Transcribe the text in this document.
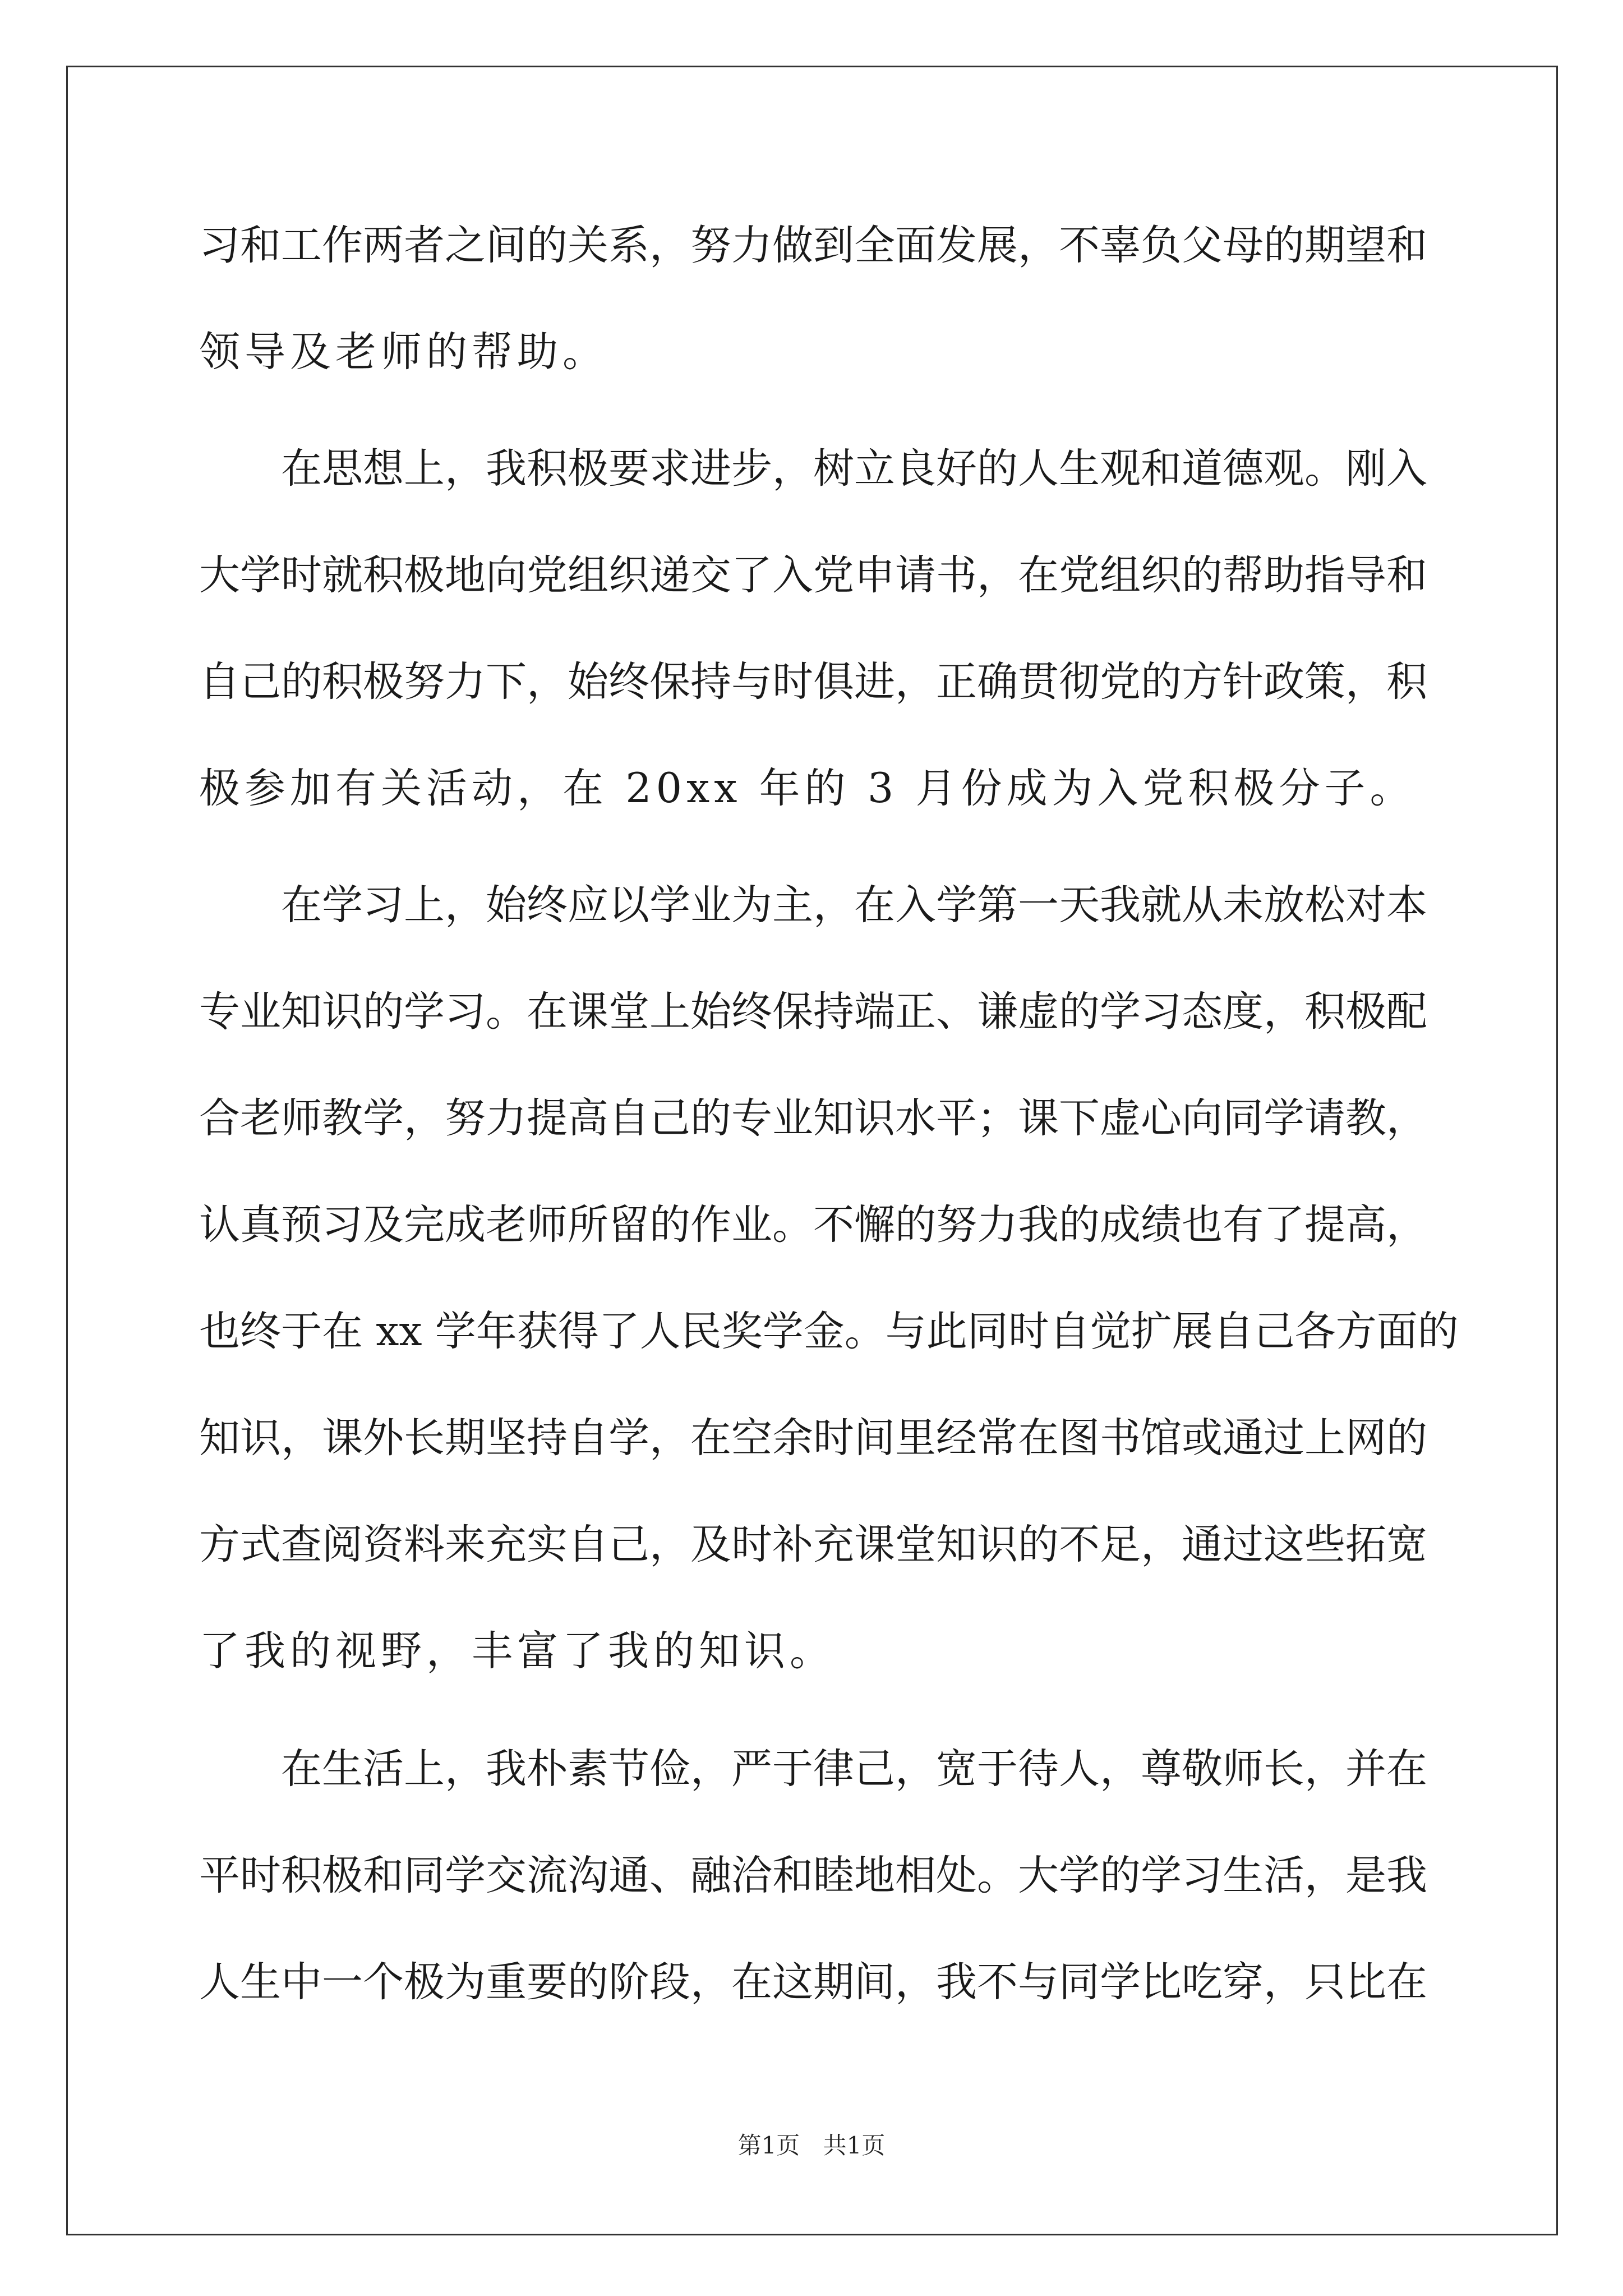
习和工作两者之间的关系，努力做到全面发展，不辜负父母的期望和
领导及老师的帮助。
在思想上，我积极要求进步，树立良好的人生观和道德观。刚入
大学时就积极地向党组织递交了入党申请书，在党组织的帮助指导和
自己的积极努力下，始终保持与时俱进，正确贯彻党的方针政策，积
极参加有关活动，在 20xx 年的 3 月份成为入党积极分子。
在学习上，始终应以学业为主，在入学第一天我就从未放松对本
专业知识的学习。在课堂上始终保持端正、谦虚的学习态度，积极配
合老师教学，努力提高自己的专业知识水平；课下虚心向同学请教，
认真预习及完成老师所留的作业。不懈的努力我的成绩也有了提高，
也终于在 xx 学年获得了人民奖学金。与此同时自觉扩展自己各方面的
知识，课外长期坚持自学，在空余时间里经常在图书馆或通过上网的
方式查阅资料来充实自己，及时补充课堂知识的不足，通过这些拓宽
了我的视野，丰富了我的知识。
在生活上，我朴素节俭，严于律己，宽于待人，尊敬师长，并在
平时积极和同学交流沟通、融洽和睦地相处。大学的学习生活，是我
人生中一个极为重要的阶段，在这期间，我不与同学比吃穿，只比在
第1页 共1页
